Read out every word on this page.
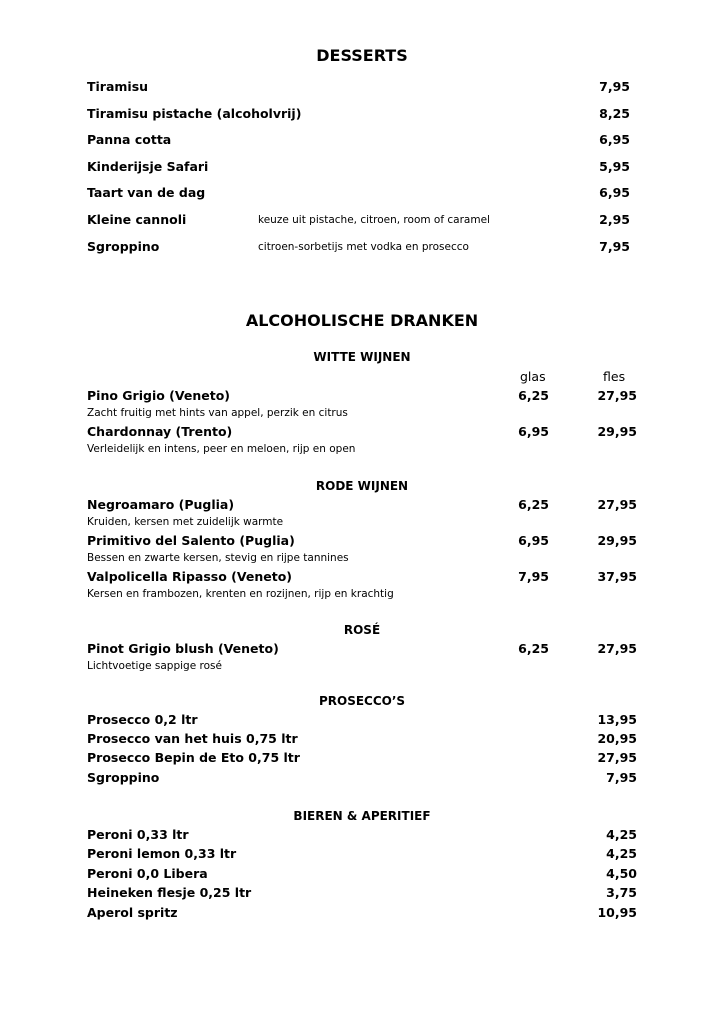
DESSERTS
Tiramisu	7,95
Tiramisu pistache (alcoholvrij)	8,25
Panna cotta	6,95
Kinderijsje Safari	5,95
Taart van de dag	6,95
Kleine cannoli	keuze uit pistache, citroen, room of caramel	2,95
Sgroppino	citroen-sorbetijs met vodka en prosecco	7,95
ALCOHOLISCHE DRANKEN
WITTE WIJNEN
glas	fles
Pino Grigio (Veneto)	6,25	27,95
Zacht fruitig met hints van appel, perzik en citrus
Chardonnay (Trento)	6,95	29,95
Verleidelijk en intens, peer en meloen, rijp en open
RODE WIJNEN
Negroamaro (Puglia)	6,25	27,95
Kruiden, kersen met zuidelijk warmte
Primitivo del Salento (Puglia)	6,95	29,95
Bessen en zwarte kersen, stevig en rijpe tannines
Valpolicella Ripasso (Veneto)	7,95	37,95
Kersen en frambozen, krenten en rozijnen, rijp en krachtig
ROSÉ
Pinot Grigio blush (Veneto)	6,25	27,95
Lichtvoetige sappige rosé
PROSECCO’S
Prosecco 0,2 ltr	13,95
Prosecco van het huis 0,75 ltr	20,95
Prosecco Bepin de Eto 0,75 ltr	27,95
Sgroppino	7,95
BIEREN & APERITIEF
Peroni 0,33 ltr	4,25
Peroni lemon 0,33 ltr	4,25
Peroni 0,0 Libera	4,50
Heineken flesje 0,25 ltr	3,75
Aperol spritz	10,95
